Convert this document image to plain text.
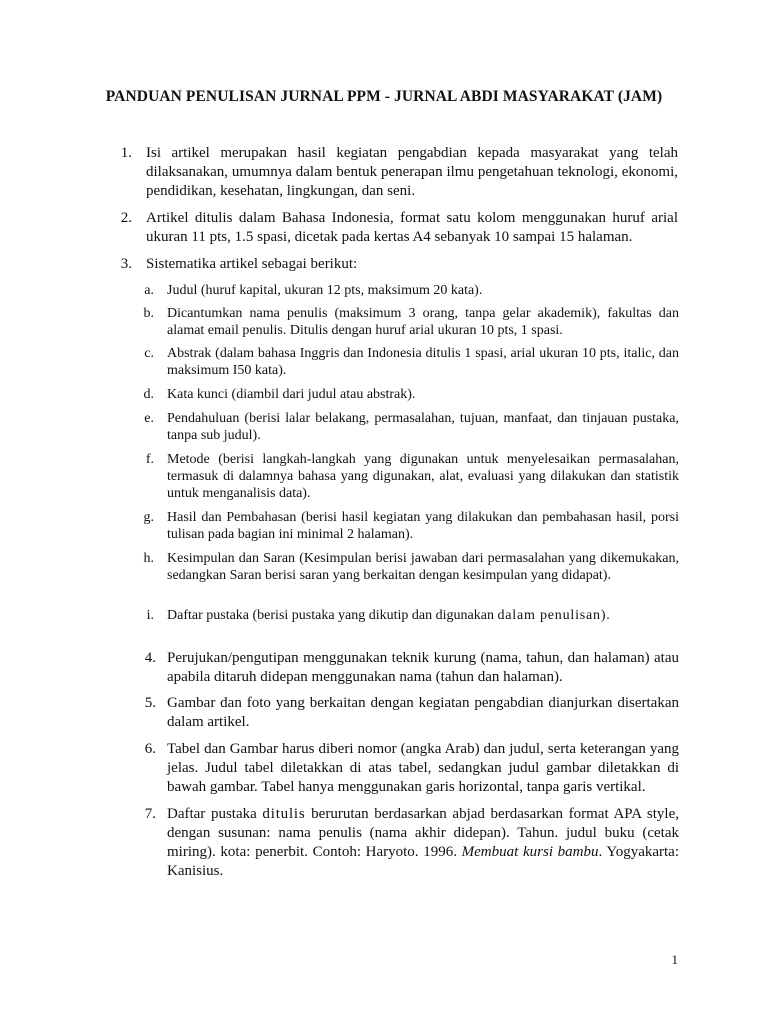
PANDUAN PENULISAN JURNAL PPM - JURNAL ABDI MASYARAKAT (JAM)
1. Isi artikel merupakan hasil kegiatan pengabdian kepada masyarakat yang telah dilaksanakan, umumnya dalam bentuk penerapan ilmu pengetahuan teknologi, ekonomi, pendidikan, kesehatan, lingkungan, dan seni.
2. Artikel ditulis dalam Bahasa Indonesia, format satu kolom menggunakan huruf arial ukuran 11 pts, 1.5 spasi, dicetak pada kertas A4 sebanyak 10 sampai 15 halaman.
3. Sistematika artikel sebagai berikut:
a. Judul (huruf kapital, ukuran 12 pts, maksimum 20 kata).
b. Dicantumkan nama penulis (maksimum 3 orang, tanpa gelar akademik), fakultas dan alamat email penulis. Ditulis dengan huruf arial ukuran 10 pts, 1 spasi.
c. Abstrak (dalam bahasa Inggris dan Indonesia ditulis 1 spasi, arial ukuran 10 pts, italic, dan maksimum I50 kata).
d. Kata kunci (diambil dari judul atau abstrak).
e. Pendahuluan (berisi lalar belakang, permasalahan, tujuan, manfaat, dan tinjauan pustaka, tanpa sub judul).
f. Metode (berisi langkah-langkah yang digunakan untuk menyelesaikan permasalahan, termasuk di dalamnya bahasa yang digunakan, alat, evaluasi yang dilakukan dan statistik untuk menganalisis data).
g. Hasil dan Pembahasan (berisi hasil kegiatan yang dilakukan dan pembahasan hasil, porsi tulisan pada bagian ini minimal 2 halaman).
h. Kesimpulan dan Saran (Kesimpulan berisi jawaban dari permasalahan yang dikemukakan, sedangkan Saran berisi saran yang berkaitan dengan kesimpulan yang didapat).
i. Daftar pustaka (berisi pustaka yang dikutip dan digunakan dalam penulisan).
4. Perujukan/pengutipan menggunakan teknik kurung (nama, tahun, dan halaman) atau apabila ditaruh didepan menggunakan nama (tahun dan halaman).
5. Gambar dan foto yang berkaitan dengan kegiatan pengabdian dianjurkan disertakan dalam artikel.
6. Tabel dan Gambar harus diberi nomor (angka Arab) dan judul, serta keterangan yang jelas. Judul tabel diletakkan di atas tabel, sedangkan judul gambar diletakkan di bawah gambar. Tabel hanya menggunakan garis horizontal, tanpa garis vertikal.
7. Daftar pustaka ditulis berurutan berdasarkan abjad berdasarkan format APA style, dengan susunan: nama penulis (nama akhir didepan). Tahun. judul buku (cetak miring). kota: penerbit. Contoh: Haryoto. 1996. Membuat kursi bambu. Yogyakarta: Kanisius.
1
